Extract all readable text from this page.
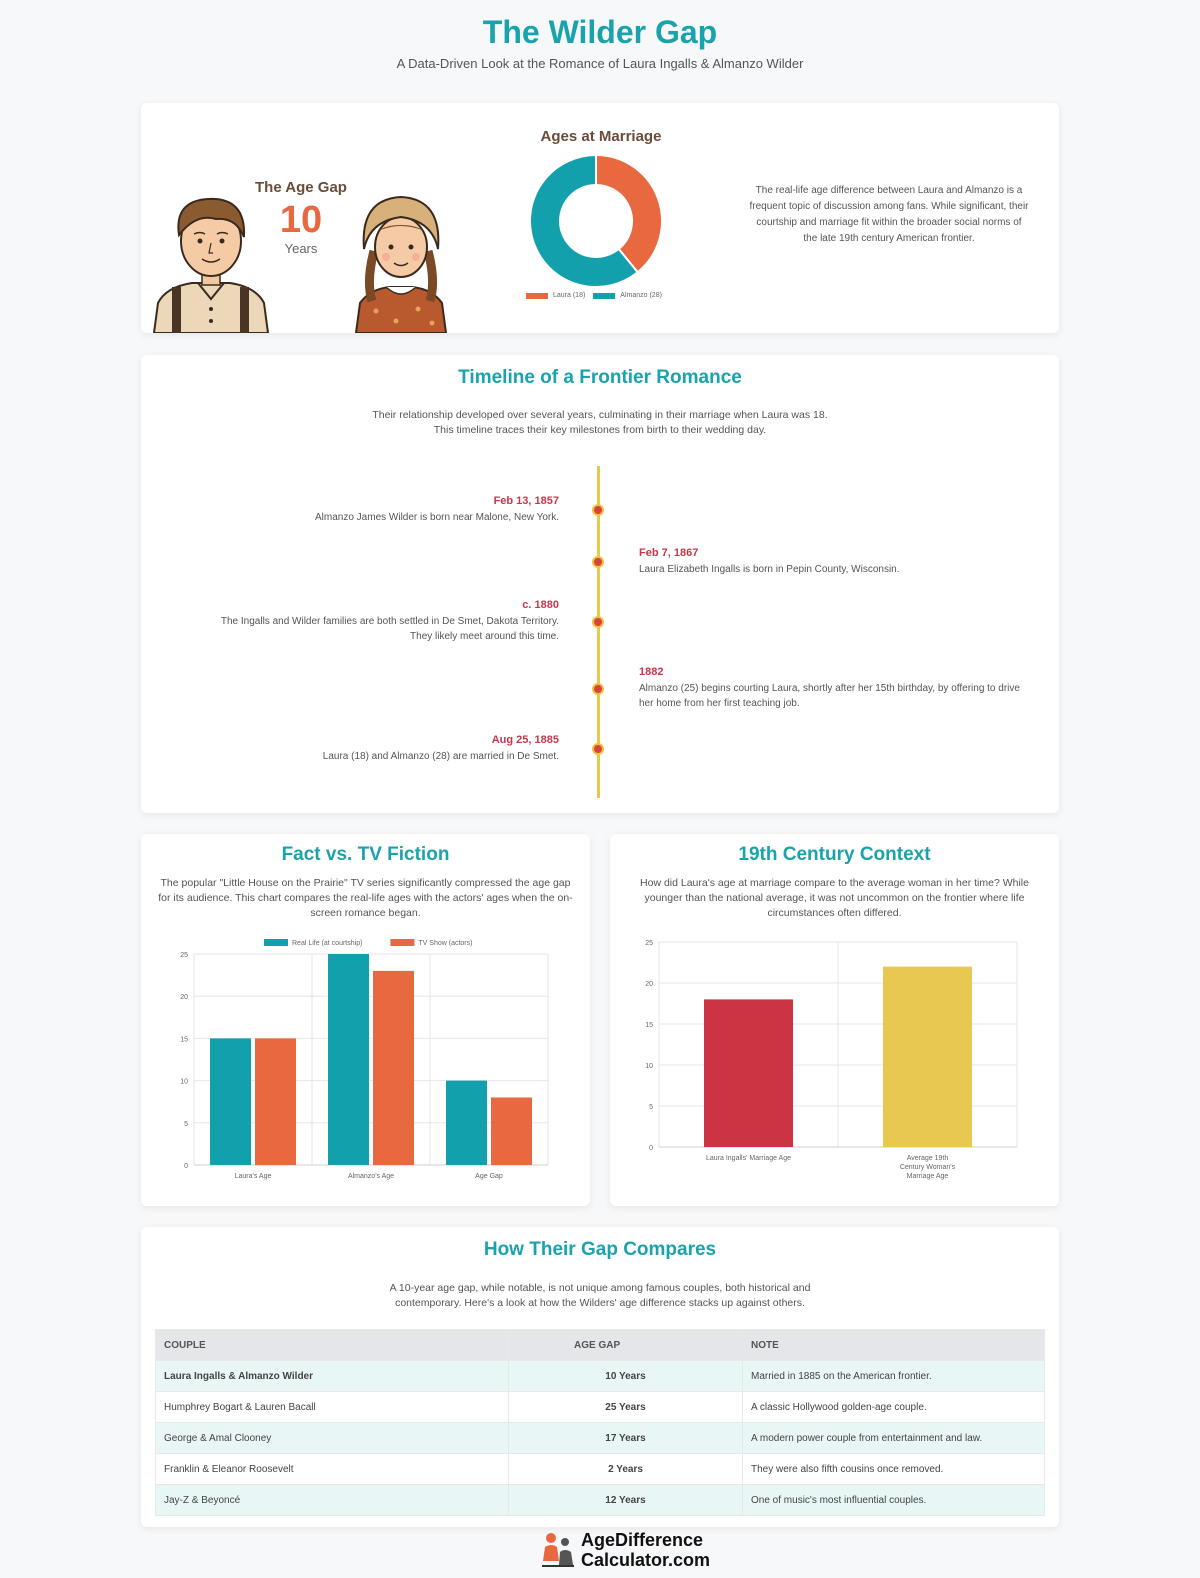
The Wilder Gap
A Data-Driven Look at the Romance of Laura Ingalls & Almanzo Wilder
The Age Gap
10
Years
Ages at Marriage
Laura (18)	Almanzo (28)
The real-life age difference between Laura and Almanzo is a frequent topic of discussion among fans. While significant, their courtship and marriage fit within the broader social norms of the late 19th century American frontier.
Timeline of a Frontier Romance
Their relationship developed over several years, culminating in their marriage when Laura was 18.
This timeline traces their key milestones from birth to their wedding day.
Feb 13, 1857
Almanzo James Wilder is born near Malone, New York.
Feb 7, 1867
Laura Elizabeth Ingalls is born in Pepin County, Wisconsin.
c. 1880
The Ingalls and Wilder families are both settled in De Smet, Dakota Territory. They likely meet around this time.
1882
Almanzo (25) begins courting Laura, shortly after her 15th birthday, by offering to drive her home from her first teaching job.
Aug 25, 1885
Laura (18) and Almanzo (28) are married in De Smet.
Fact vs. TV Fiction
The popular "Little House on the Prairie" TV series significantly compressed the age gap for its audience. This chart compares the real-life ages with the actors' ages when the on-screen romance began.
0
5
10
15
20
25
Laura's Age	Almanzo's Age	Age Gap
Real Life (at courtship)	TV Show (actors)
19th Century Context
How did Laura's age at marriage compare to the average woman in her time? While younger than the national average, it was not uncommon on the frontier where life circumstances often differed.
0
5
10
15
20
25
Laura Ingalls' Marriage Age	Average 19th
Century Woman's
Marriage Age
How Their Gap Compares
A 10-year age gap, while notable, is not unique among famous couples, both historical and
contemporary. Here's a look at how the Wilders' age difference stacks up against others.
COUPLE	AGE GAP	NOTE
Laura Ingalls & Almanzo Wilder	10 Years	Married in 1885 on the American frontier.
Humphrey Bogart & Lauren Bacall	25 Years	A classic Hollywood golden-age couple.
George & Amal Clooney	17 Years	A modern power couple from entertainment and law.
Franklin & Eleanor Roosevelt	2 Years	They were also fifth cousins once removed.
Jay-Z & Beyoncé	12 Years	One of music's most influential couples.
AgeDifference
Calculator.com
